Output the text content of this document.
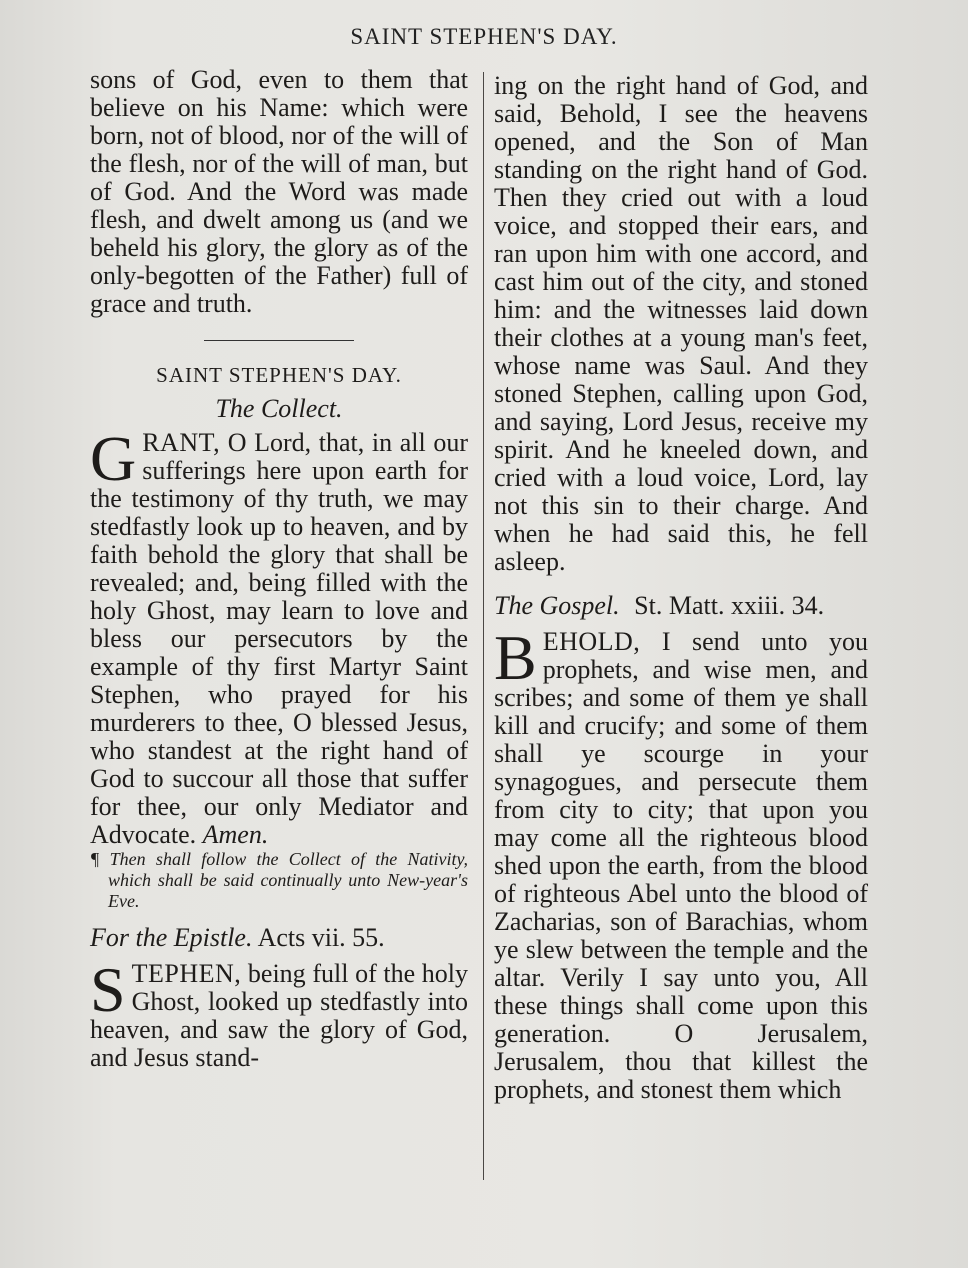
SAINT STEPHEN'S DAY.

sons of God, even to them that believe on his Name: which were born, not of blood, nor of the will of the flesh, nor of the will of man, but of God. And the Word was made flesh, and dwelt among us (and we beheld his glory, the glory as of the only-begotten of the Father) full of grace and truth.

SAINT STEPHEN'S DAY.
The Collect.

GRANT, O Lord, that, in all our sufferings here upon earth for the testimony of thy truth, we may stedfastly look up to heaven, and by faith behold the glory that shall be revealed; and, being filled with the holy Ghost, may learn to love and bless our persecutors by the example of thy first Martyr Saint Stephen, who prayed for his murderers to thee, O blessed Jesus, who standest at the right hand of God to succour all those that suffer for thee, our only Mediator and Advocate. Amen.

¶ Then shall follow the Collect of the Nativity, which shall be said continually unto New-year's Eve.

For the Epistle. Acts vii. 55.

STEPHEN, being full of the holy Ghost, looked up stedfastly into heaven, and saw the glory of God, and Jesus stand-

ing on the right hand of God, and said, Behold, I see the heavens opened, and the Son of Man standing on the right hand of God. Then they cried out with a loud voice, and stopped their ears, and ran upon him with one accord, and cast him out of the city, and stoned him: and the witnesses laid down their clothes at a young man's feet, whose name was Saul. And they stoned Stephen, calling upon God, and saying, Lord Jesus, receive my spirit. And he kneeled down, and cried with a loud voice, Lord, lay not this sin to their charge. And when he had said this, he fell asleep.

The Gospel. St. Matt. xxiii. 34.

BEHOLD, I send unto you prophets, and wise men, and scribes; and some of them ye shall kill and crucify; and some of them shall ye scourge in your synagogues, and persecute them from city to city; that upon you may come all the righteous blood shed upon the earth, from the blood of righteous Abel unto the blood of Zacharias, son of Barachias, whom ye slew between the temple and the altar. Verily I say unto you, All these things shall come upon this generation. O Jerusalem, Jerusalem, thou that killest the prophets, and stonest them which
